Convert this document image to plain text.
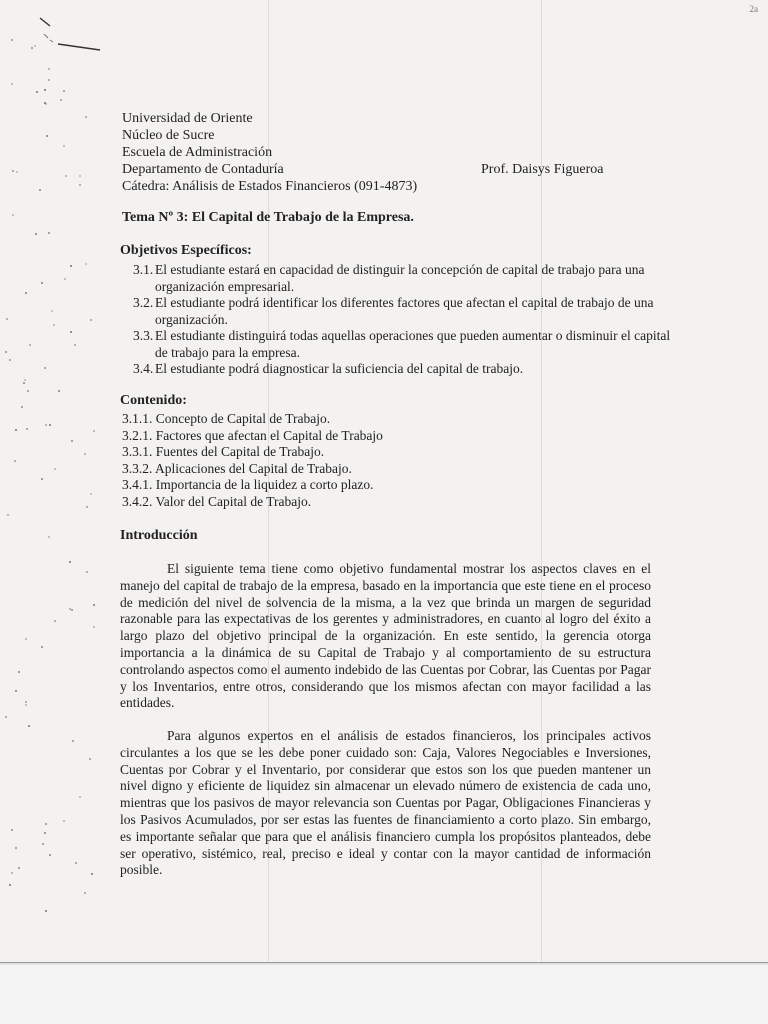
2a
Universidad de Oriente
Núcleo de Sucre
Escuela de Administración
Departamento de Contaduría
Cátedra: Análisis de Estados Financieros (091-4873)
Prof. Daisys Figueroa
Tema Nº 3: El Capital de Trabajo de la Empresa.
Objetivos Específicos:

3.1. El estudiante estará en capacidad de distinguir la concepción de capital de trabajo para una organización empresarial.

3.2. El estudiante podrá identificar los diferentes factores que afectan el capital de trabajo de una organización.

3.3. El estudiante distinguirá todas aquellas operaciones que pueden aumentar o disminuir el capital de trabajo para la empresa.

3.4. El estudiante podrá diagnosticar la suficiencia del capital de trabajo.

Contenido:
3.1.1. Concepto de Capital de Trabajo.
3.2.1. Factores que afectan el Capital de Trabajo
3.3.1. Fuentes del Capital de Trabajo.
3.3.2. Aplicaciones del Capital de Trabajo.
3.4.1. Importancia de la liquidez a corto plazo.
3.4.2. Valor del Capital de Trabajo.
Introducción

El siguiente tema tiene como objetivo fundamental mostrar los aspectos claves en el manejo del capital de trabajo de la empresa, basado en la importancia que este tiene en el proceso de medición del nivel de solvencia de la misma, a la vez que brinda un margen de seguridad razonable para las expectativas de los gerentes y administradores, en cuanto al logro del éxito a largo plazo del objetivo principal de la organización. En este sentido, la gerencia otorga importancia a la dinámica de su Capital de Trabajo y al comportamiento de su estructura controlando aspectos como el aumento indebido de las Cuentas por Cobrar, las Cuentas por Pagar y los Inventarios, entre otros, considerando que los mismos afectan con mayor facilidad a las entidades.

Para algunos expertos en el análisis de estados financieros, los principales activos circulantes a los que se les debe poner cuidado son: Caja, Valores Negociables e Inversiones, Cuentas por Cobrar y el Inventario, por considerar que estos son los que pueden mantener un nivel digno y eficiente de liquidez sin almacenar un elevado número de existencia de cada uno, mientras que los pasivos de mayor relevancia son Cuentas por Pagar, Obligaciones Financieras y los Pasivos Acumulados, por ser estas las fuentes de financiamiento a corto plazo. Sin embargo, es importante señalar que para que el análisis financiero cumpla los propósitos planteados, debe ser operativo, sistémico, real, preciso e ideal y contar con la mayor cantidad de información posible.
